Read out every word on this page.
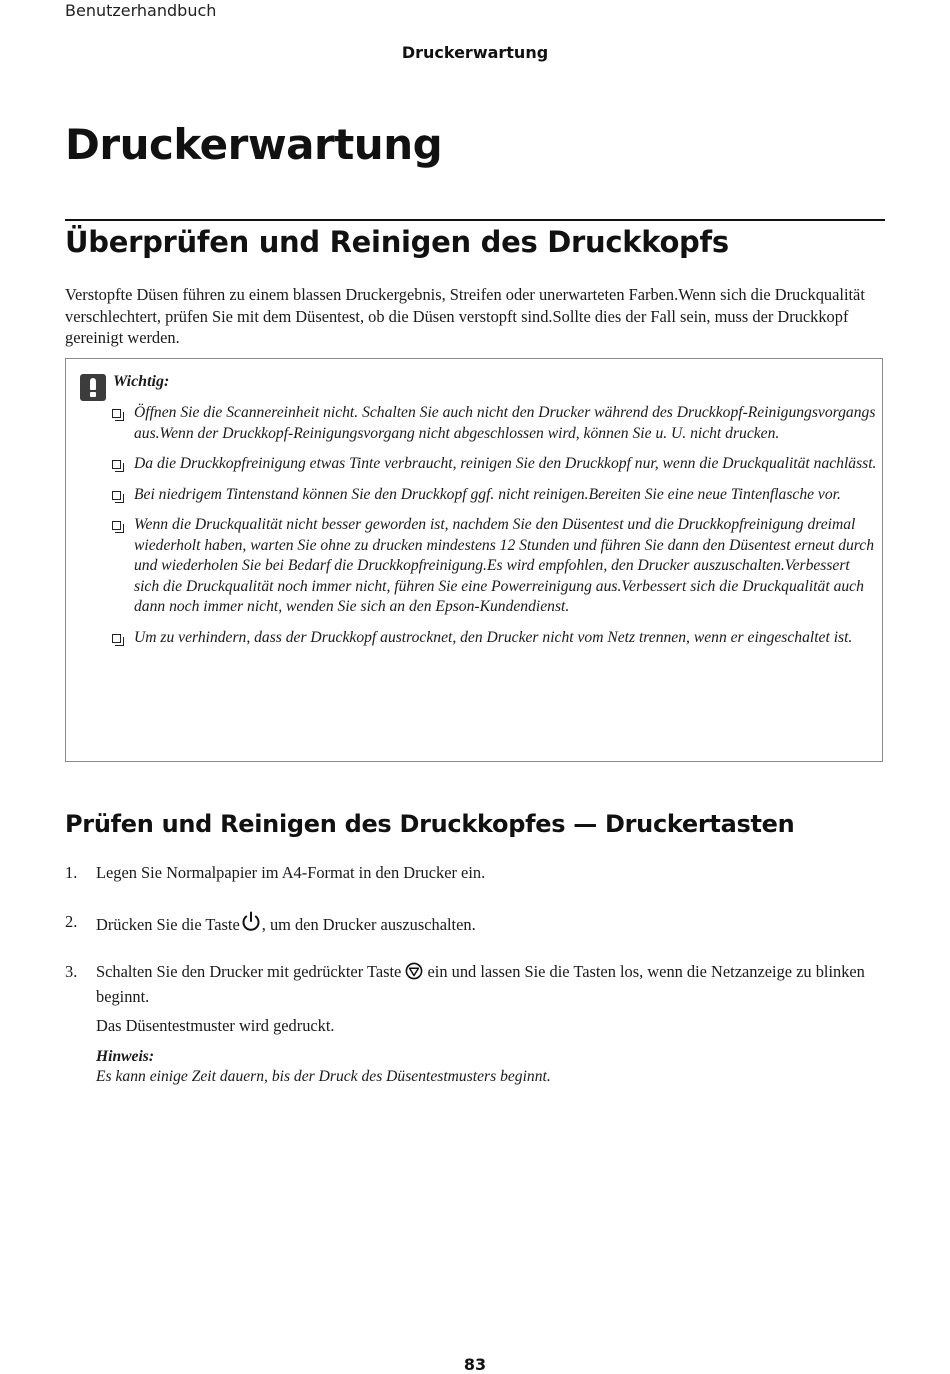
Benutzerhandbuch
Druckerwartung
Druckerwartung
Überprüfen und Reinigen des Druckkopfs

Verstopfte Düsen führen zu einem blassen Druckergebnis, Streifen oder unerwarteten Farben.Wenn sich die Druckqualität verschlechtert, prüfen Sie mit dem Düsentest, ob die Düsen verstopft sind.Sollte dies der Fall sein, muss der Druckkopf gereinigt werden.

Wichtig:
Öffnen Sie die Scannereinheit nicht. Schalten Sie auch nicht den Drucker während des Druckkopf-Reinigungsvorgangs aus.Wenn der Druckkopf-Reinigungsvorgang nicht abgeschlossen wird, können Sie u. U. nicht drucken.
Da die Druckkopfreinigung etwas Tinte verbraucht, reinigen Sie den Druckkopf nur, wenn die Druckqualität nachlässt.
Bei niedrigem Tintenstand können Sie den Druckkopf ggf. nicht reinigen.Bereiten Sie eine neue Tintenflasche vor.
Wenn die Druckqualität nicht besser geworden ist, nachdem Sie den Düsentest und die Druckkopfreinigung dreimal wiederholt haben, warten Sie ohne zu drucken mindestens 12 Stunden und führen Sie dann den Düsentest erneut durch und wiederholen Sie bei Bedarf die Druckkopfreinigung.Es wird empfohlen, den Drucker auszuschalten.Verbessert sich die Druckqualität noch immer nicht, führen Sie eine Powerreinigung aus.Verbessert sich die Druckqualität auch dann noch immer nicht, wenden Sie sich an den Epson-Kundendienst.
Um zu verhindern, dass der Druckkopf austrocknet, den Drucker nicht vom Netz trennen, wenn er eingeschaltet ist.
Prüfen und Reinigen des Druckkopfes — Druckertasten
1. Legen Sie Normalpapier im A4-Format in den Drucker ein.
2. Drücken Sie die Taste , um den Drucker auszuschalten.
3. Schalten Sie den Drucker mit gedrückter Taste  ein und lassen Sie die Tasten los, wenn die Netzanzeige zu blinken beginnt.
Das Düsentestmuster wird gedruckt.
Hinweis:
Es kann einige Zeit dauern, bis der Druck des Düsentestmusters beginnt.
83
